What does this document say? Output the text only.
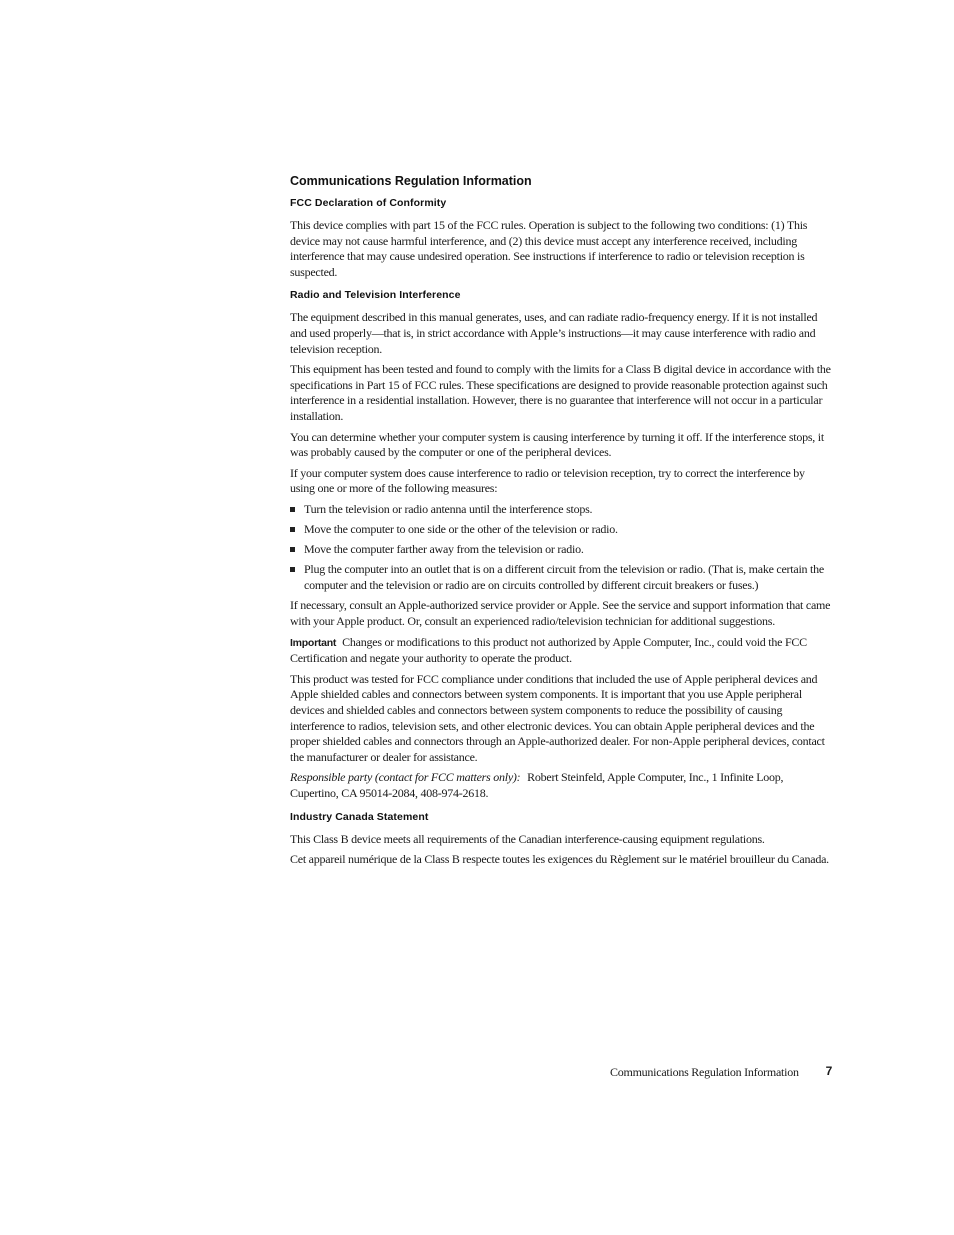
Communications Regulation Information
FCC Declaration of Conformity

This device complies with part 15 of the FCC rules. Operation is subject to the following two conditions: (1) This device may not cause harmful interference, and (2) this device must accept any interference received, including interference that may cause undesired operation. See instructions if interference to radio or television reception is suspected.

Radio and Television Interference

The equipment described in this manual generates, uses, and can radiate radio-frequency energy. If it is not installed and used properly—that is, in strict accordance with Apple’s instructions—it may cause interference with radio and television reception.

This equipment has been tested and found to comply with the limits for a Class B digital device in accordance with the specifications in Part 15 of FCC rules. These specifications are designed to provide reasonable protection against such interference in a residential installation. However, there is no guarantee that interference will not occur in a particular installation.

You can determine whether your computer system is causing interference by turning it off. If the interference stops, it was probably caused by the computer or one of the peripheral devices.

If your computer system does cause interference to radio or television reception, try to correct the interference by using one or more of the following measures:

Turn the television or radio antenna until the interference stops.
Move the computer to one side or the other of the television or radio.
Move the computer farther away from the television or radio.
Plug the computer into an outlet that is on a different circuit from the television or radio. (That is, make certain the computer and the television or radio are on circuits controlled by different circuit breakers or fuses.)

If necessary, consult an Apple-authorized service provider or Apple. See the service and support information that came with your Apple product. Or, consult an experienced radio/television technician for additional suggestions.

Important Changes or modifications to this product not authorized by Apple Computer, Inc., could void the FCC Certification and negate your authority to operate the product.

This product was tested for FCC compliance under conditions that included the use of Apple peripheral devices and Apple shielded cables and connectors between system components. It is important that you use Apple peripheral devices and shielded cables and connectors between system components to reduce the possibility of causing interference to radios, television sets, and other electronic devices. You can obtain Apple peripheral devices and the proper shielded cables and connectors through an Apple-authorized dealer. For non-Apple peripheral devices, contact the manufacturer or dealer for assistance.

Responsible party (contact for FCC matters only): Robert Steinfeld, Apple Computer, Inc., 1 Infinite Loop, Cupertino, CA 95014-2084, 408-974-2618.

Industry Canada Statement

This Class B device meets all requirements of the Canadian interference-causing equipment regulations.

Cet appareil numérique de la Class B respecte toutes les exigences du Règlement sur le matériel brouilleur du Canada.

Communications Regulation Information 7
